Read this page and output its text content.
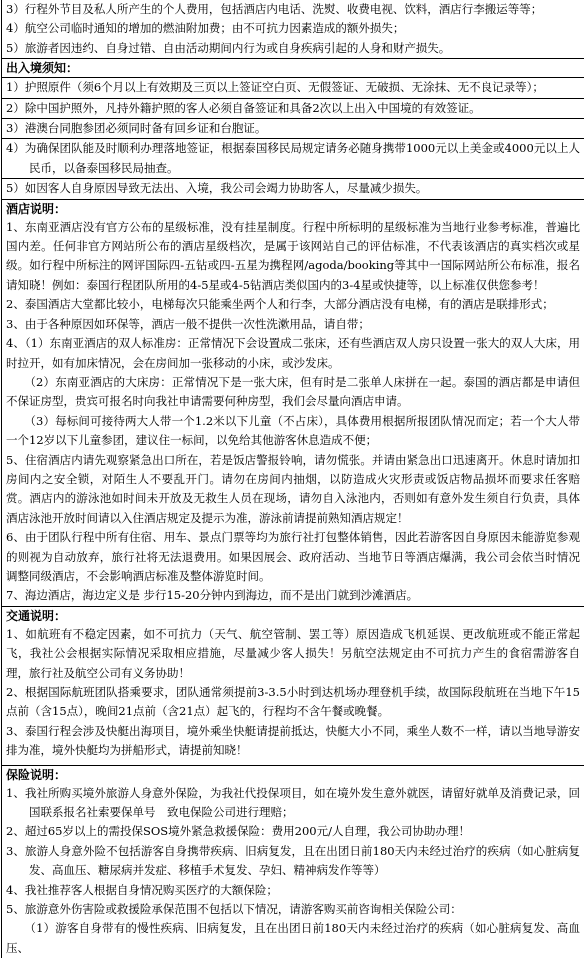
3）行程外节目及私人所产生的个人费用，包括酒店内电话、洗熨、收费电视、饮料，酒店行李搬运等等；
4）航空公司临时通知的增加的燃油附加费；由不可抗力因素造成的额外损失；
5）旅游者因违约、自身过错、自由活动期间内行为或自身疾病引起的人身和财产损失。
出入境须知：
1）护照原件（须6个月以上有效期及三页以上签证空白页、无假签证、无破损、无涂抹、无不良记录等）；
2）除中国护照外，凡持外籍护照的客人必须自备签证和具备2次以上出入中国境的有效签证。
3）港澳台同胞参团必须同时备有回乡证和台胞证。
4）为确保团队能及时顺利办理落地签证，根据泰国移民局规定请务必随身携带1000元以上美金或4000元以上人民币，以备泰国移民局抽查。
5）如因客人自身原因导致无法出、入境，我公司会竭力协助客人，尽量减少损失。
酒店说明：
1、东南亚酒店没有官方公布的星级标准，没有挂星制度。行程中所标明的星级标准为当地行业参考标准，普遍比国内差。任何非官方网站所公布的酒店星级档次，是属于该网站自己的评估标准，不代表该酒店的真实档次或星级。如行程中所标注的网评国际四-五钻或四-五星为携程网/agoda/booking等其中一国际网站所公布标准，报名请知晓！例如：泰国行程团队所用的4-5星或4-5钻酒店类似国内的3-4星或快捷等，以上标准仅供您参考！
2、泰国酒店大堂都比较小，电梯每次只能乘坐两个人和行李，大部分酒店没有电梯，有的酒店是联排形式；
3、由于各种原因如环保等，酒店一般不提供一次性洗漱用品，请自带；
4、（1）东南亚酒店的双人标准房：正常情况下会设置成二张床，还有些酒店双人房只设置一张大的双人大床，用时拉开，如有加床情况，会在房间加一张移动的小床，或沙发床。
（2）东南亚酒店的大床房：正常情况下是一张大床，但有时是二张单人床拼在一起。泰国的酒店都是申请但不保证房型，贵宾可报名时向我社申请需要何种房型，我们会尽量向酒店申请。
（3）每标间可接待两大人带一个1.2米以下儿童（不占床），具体费用根据所报团队情况而定；若一个大人带一个12岁以下儿童参团，建议住一标间，以免给其他游客休息造成不便；
5、住宿酒店内请先观察紧急出口所在，若是饭店警报铃响，请勿慌张。并请由紧急出口迅速离开。休息时请加扣房间内之安全锁，对陌生人不要乱开门。请勿在房间内抽烟，以防造成火灾形责或饭店物品损坏而要求任客赔赏。酒店内的游泳池如时间未开放及无救生人员在现场，请勿自入泳池内，否则如有意外发生须自行负责，具体酒店泳池开放时间请以入住酒店规定及提示为准，游泳前请提前熟知酒店规定！
6、由于团队行程中所有住宿、用车、景点门票等均为旅行社打包整体销售，因此若游客因自身原因未能游览参观的则视为自动放弃，旅行社将无法退费用。如果因展会、政府活动、当地节日等酒店爆满，我公司会依当时情况调整同级酒店，不会影响酒店标准及整体游览时间。
7、海边酒店，海边定义是 步行15-20分钟内到海边，而不是出门就到沙滩酒店。
交通说明：
1、如航班有不稳定因素，如不可抗力（天气、航空管制、罢工等）原因造成飞机延误、更改航班或不能正常起飞，我社公会根据实际情况采取相应措施，尽量减少客人损失！另航空法规定由不可抗力产生的食宿需游客自理，旅行社及航空公司有义务协助！
2、根据国际航班团队搭乘要求，团队通常须提前3-3.5小时到达机场办理登机手续，故国际段航班在当地下午15点前（含15点），晚间21点前（含21点）起飞的，行程均不含午餐或晚餐。
3、泰国行程会涉及快艇出海项目，境外乘坐快艇请提前抵达，快艇大小不同，乘坐人数不一样，请以当地导游安排为准，境外快艇均为拼船形式，请提前知晓！
保险说明：
1、我社所购买境外旅游人身意外保险，为我社代投保项目，如在境外发生意外就医，请留好就单及消费记录，回国联系报名社索要保单号　致电保险公司进行理赔；
2、超过65岁以上的需投保SOS境外紧急救援保险：费用200元/人自理，我公司协助办理！
3、旅游人身意外险不包括游客自身携带疾病、旧病复发，且在出团日前180天内未经过治疗的疾病（如心脏病复发、高血压、糖尿病并发症、移植手术复发、孕妇、精神病发作等等）
4、我社推荐客人根据自身情况购买医疗的大额保险；
5、旅游意外伤害险或救援险承保范围不包括以下情况，请游客购买前咨询相关保险公司：
（1）游客自身带有的慢性疾病、旧病复发，且在出团日前180天内未经过治疗的疾病（如心脏病复发、高血压、
